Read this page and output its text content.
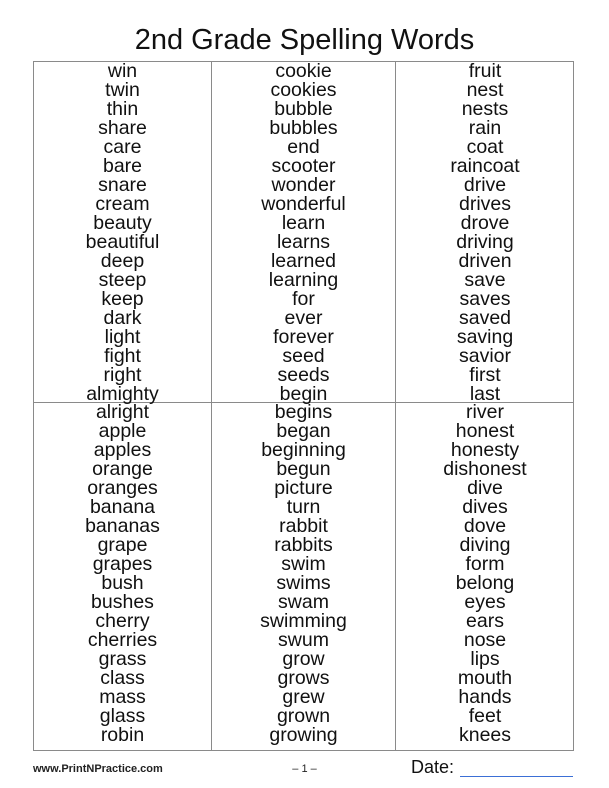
2nd Grade Spelling Words
win
twin
thin
share
care
bare
snare
cream
beauty
beautiful
deep
steep
keep
dark
light
fight
right
almighty
cookie
cookies
bubble
bubbles
end
scooter
wonder
wonderful
learn
learns
learned
learning
for
ever
forever
seed
seeds
begin
fruit
nest
nests
rain
coat
raincoat
drive
drives
drove
driving
driven
save
saves
saved
saving
savior
first
last
alright
apple
apples
orange
oranges
banana
bananas
grape
grapes
bush
bushes
cherry
cherries
grass
class
mass
glass
robin
begins
began
beginning
begun
picture
turn
rabbit
rabbits
swim
swims
swam
swimming
swum
grow
grows
grew
grown
growing
river
honest
honesty
dishonest
dive
dives
dove
diving
form
belong
eyes
ears
nose
lips
mouth
hands
feet
knees
www.PrintNPractice.com	– 1 –	Date:
